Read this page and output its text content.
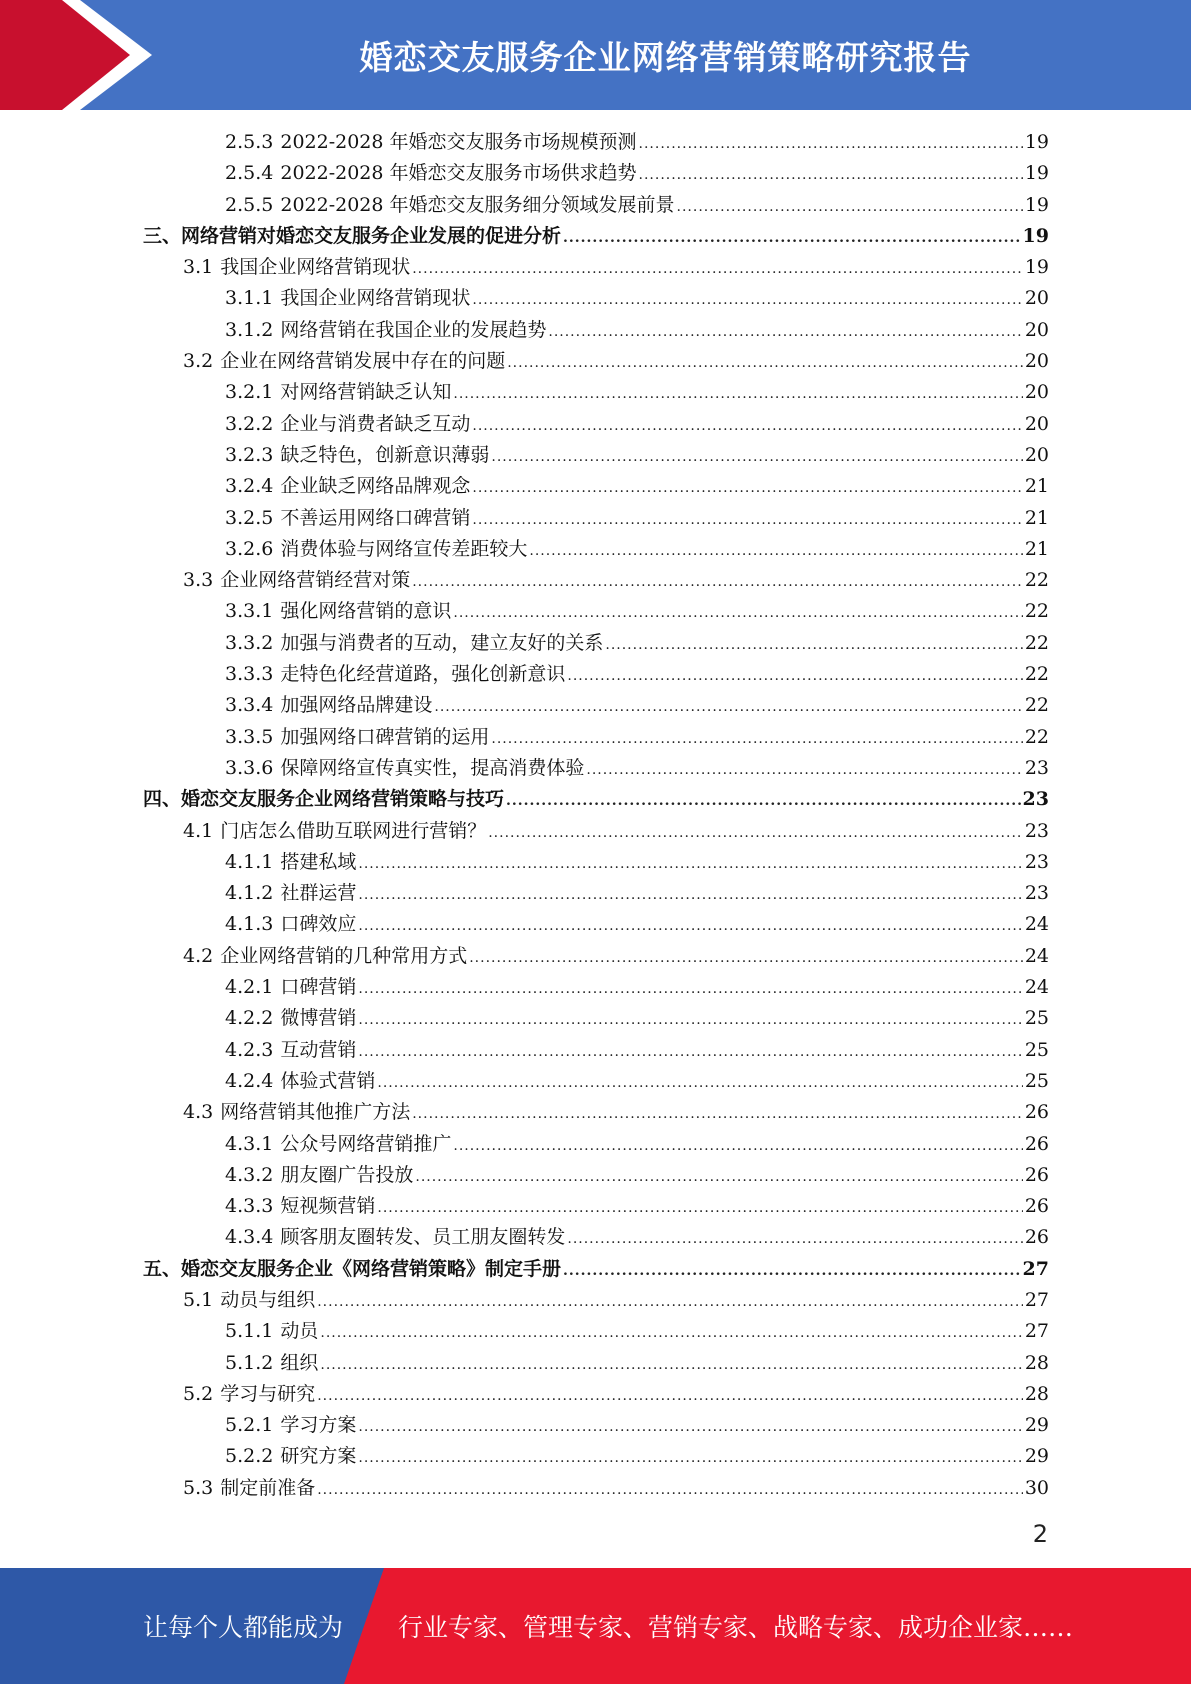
婚恋交友服务企业网络营销策略研究报告
2.5.3 2022-2028 年婚恋交友服务市场规模预测 .....	19
2.5.4 2022-2028 年婚恋交友服务市场供求趋势 .....	19
2.5.5 2022-2028 年婚恋交友服务细分领域发展前景 .....	19
三、 网络营销对婚恋交友服务企业发展的促进分析 .....	19
3.1 我国企业网络营销现状 .....	19
3.1.1 我国企业网络营销现状 .....	20
3.1.2 网络营销在我国企业的发展趋势 .....	20
3.2 企业在网络营销发展中存在的问题 .....	20
3.2.1 对网络营销缺乏认知 .....	20
3.2.2 企业与消费者缺乏互动 .....	20
3.2.3 缺乏特色，创新意识薄弱 .....	20
3.2.4 企业缺乏网络品牌观念 .....	21
3.2.5 不善运用网络口碑营销 .....	21
3.2.6 消费体验与网络宣传差距较大 .....	21
3.3 企业网络营销经营对策 .....	22
3.3.1 强化网络营销的意识 .....	22
3.3.2 加强与消费者的互动，建立友好的关系 .....	22
3.3.3 走特色化经营道路，强化创新意识 .....	22
3.3.4 加强网络品牌建设 .....	22
3.3.5 加强网络口碑营销的运用 .....	22
3.3.6 保障网络宣传真实性，提高消费体验 .....	23
四、 婚恋交友服务企业网络营销策略与技巧 .....	23
4.1 门店怎么借助互联网进行营销？ .....	23
4.1.1 搭建私域 .....	23
4.1.2 社群运营 .....	23
4.1.3 口碑效应 .....	24
4.2 企业网络营销的几种常用方式 .....	24
4.2.1 口碑营销 .....	24
4.2.2 微博营销 .....	25
4.2.3 互动营销 .....	25
4.2.4 体验式营销 .....	25
4.3 网络营销其他推广方法 .....	26
4.3.1 公众号网络营销推广 .....	26
4.3.2 朋友圈广告投放 .....	26
4.3.3 短视频营销 .....	26
4.3.4 顾客朋友圈转发、员工朋友圈转发 .....	26
五、 婚恋交友服务企业《网络营销策略》制定手册 .....	27
5.1 动员与组织 .....	27
5.1.1 动员 .....	27
5.1.2 组织 .....	28
5.2 学习与研究 .....	28
5.2.1 学习方案 .....	29
5.2.2 研究方案 .....	29
5.3 制定前准备 .....	30
2
让每个人都能成为 行业专家、管理专家、营销专家、战略专家、成功企业家……
